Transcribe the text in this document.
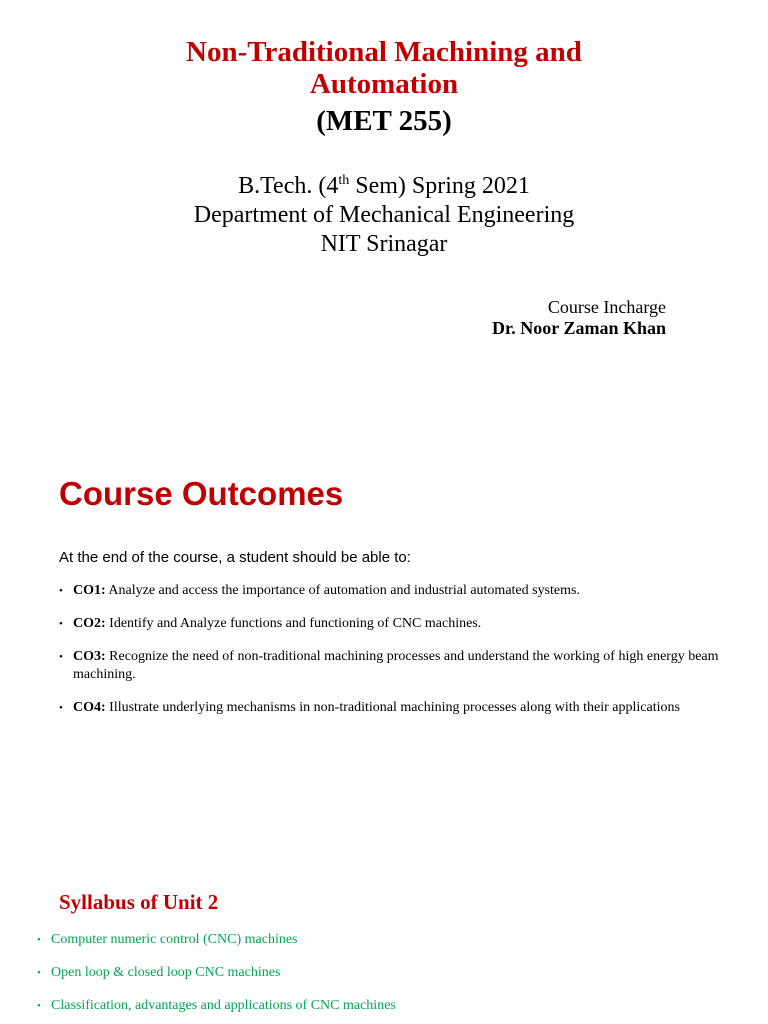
Non-Traditional Machining and
Automation
(MET 255)
B.Tech. (4th Sem) Spring 2021
Department of Mechanical Engineering
NIT Srinagar
Course Incharge
Dr. Noor Zaman Khan
Course Outcomes
At the end of the course, a student should be able to:
• CO1: Analyze and access the importance of automation and industrial automated systems.
• CO2: Identify and Analyze functions and functioning of CNC machines.
• CO3: Recognize the need of non-traditional machining processes and understand the working of high energy beam machining.
• CO4: Illustrate underlying mechanisms in non-traditional machining processes along with their applications
Syllabus of Unit 2
• Computer numeric control (CNC) machines
• Open loop & closed loop CNC machines
• Classification, advantages and applications of CNC machines
